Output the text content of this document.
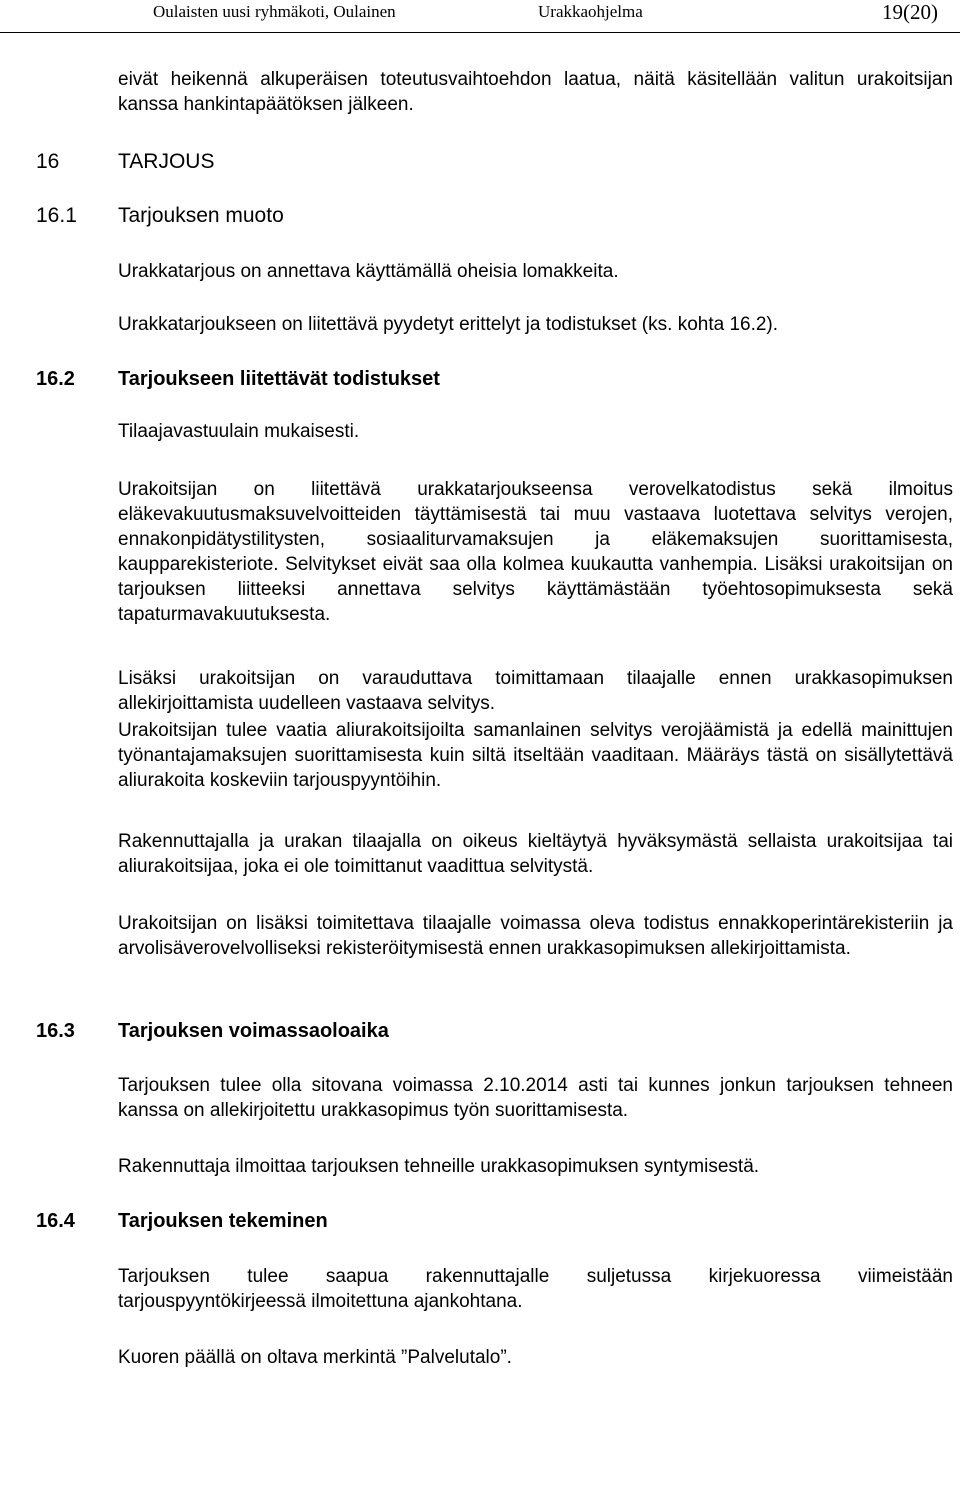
Oulaisten uusi ryhmäkoti, Oulainen	Urakkaohjelma	19(20)

eivät heikennä alkuperäisen toteutusvaihtoehdon laatua, näitä käsitellään valitun urakoitsijan kanssa hankintapäätöksen jälkeen.

16	TARJOUS
16.1 Tarjouksen muoto

Urakkatarjous on annettava käyttämällä oheisia lomakkeita.

Urakkatarjoukseen on liitettävä pyydetyt erittelyt ja todistukset (ks. kohta 16.2).

16.2 Tarjoukseen liitettävät todistukset

Tilaajavastuulain mukaisesti.

Urakoitsijan on liitettävä urakkatarjoukseensa verovelkatodistus sekä ilmoitus eläkevakuutusmaksuvelvoitteiden täyttämisestä tai muu vastaava luotettava selvitys verojen, ennakonpidätystilitysten, sosiaaliturvamaksujen ja eläkemaksujen suorittamisesta, kaupparekisteriote. Selvitykset eivät saa olla kolmea kuukautta vanhempia. Lisäksi urakoitsijan on tarjouksen liitteeksi annettava selvitys käyttämästään työehtosopimuksesta sekä tapaturmavakuutuksesta.

Lisäksi urakoitsijan on varauduttava toimittamaan tilaajalle ennen urakkasopimuksen allekirjoittamista uudelleen vastaava selvitys.

Urakoitsijan tulee vaatia aliurakoitsijoilta samanlainen selvitys verojäämistä ja edellä mainittujen työnantajamaksujen suorittamisesta kuin siltä itseltään vaaditaan. Määräys tästä on sisällytettävä aliurakoita koskeviin tarjouspyyntöihin.

Rakennuttajalla ja urakan tilaajalla on oikeus kieltäytyä hyväksymästä sellaista urakoitsijaa tai aliurakoitsijaa, joka ei ole toimittanut vaadittua selvitystä.

Urakoitsijan on lisäksi toimitettava tilaajalle voimassa oleva todistus ennakkoperintärekisteriin ja arvolisäverovelvolliseksi rekisteröitymisestä ennen urakkasopimuksen allekirjoittamista.

16.3 Tarjouksen voimassaoloaika

Tarjouksen tulee olla sitovana voimassa 2.10.2014 asti tai kunnes jonkun tarjouksen tehneen kanssa on allekirjoitettu urakkasopimus työn suorittamisesta.

Rakennuttaja ilmoittaa tarjouksen tehneille urakkasopimuksen syntymisestä.

16.4 Tarjouksen tekeminen

Tarjouksen tulee saapua rakennuttajalle suljetussa kirjekuoressa viimeistään tarjouspyyntökirjeessä ilmoitettuna ajankohtana.

Kuoren päällä on oltava merkintä ”Palvelutalo”.
